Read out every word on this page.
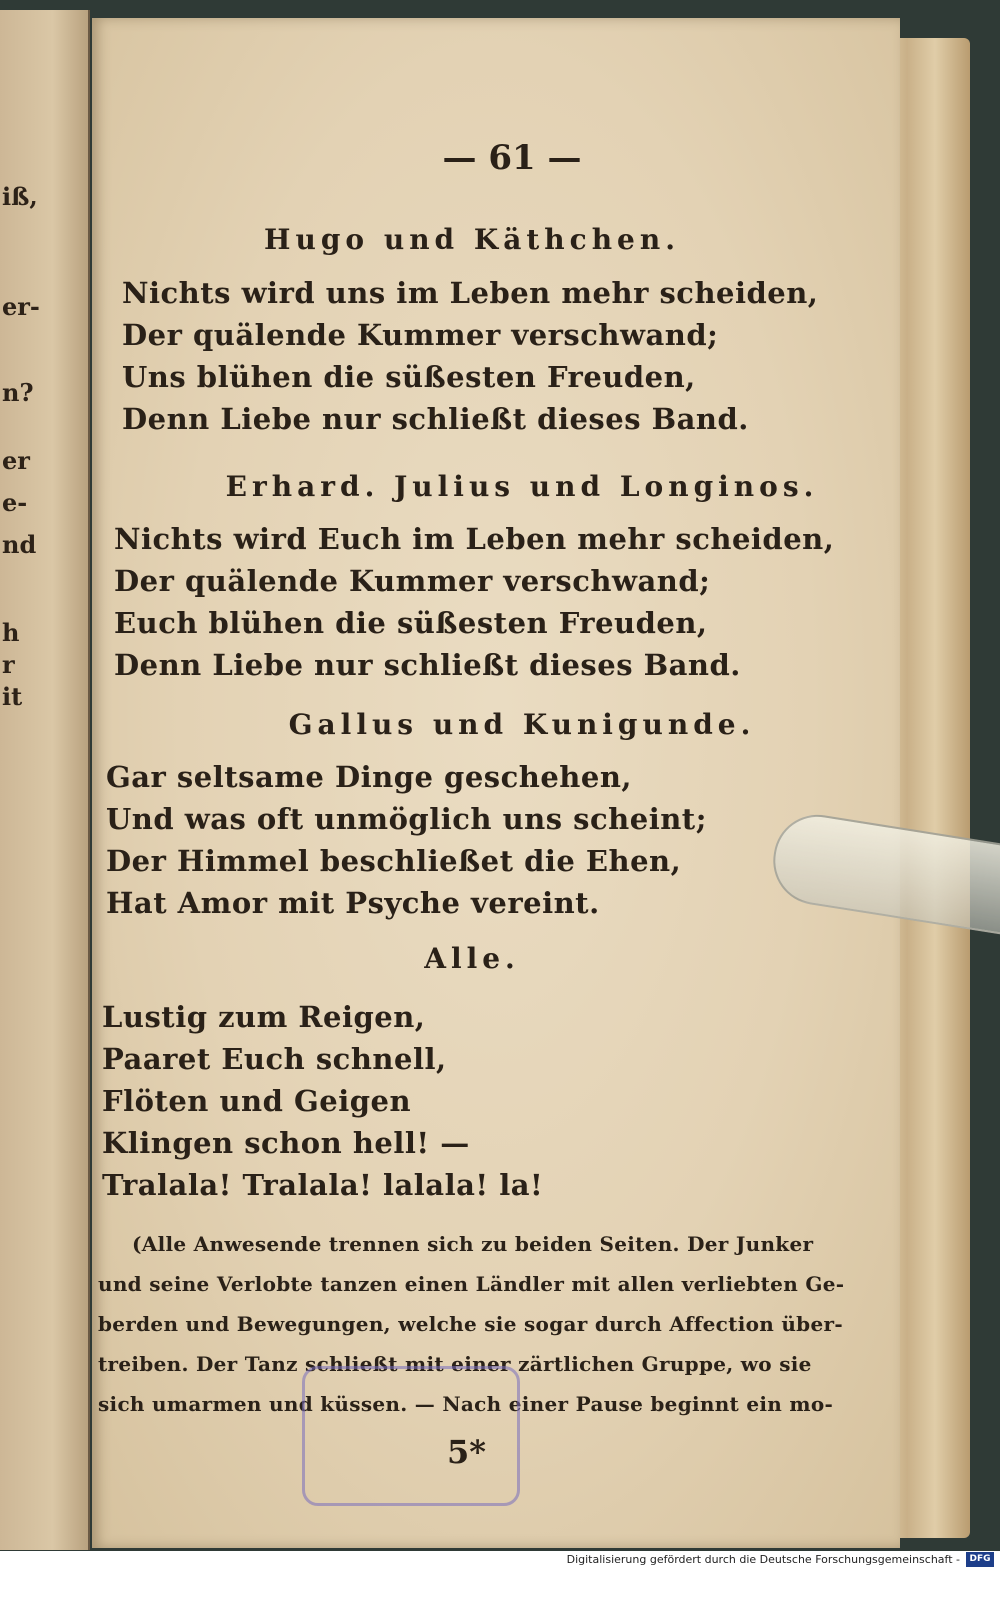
iß,
er-
n?
er
e-
nd
h
r
it
— 61 —
Hugo und Käthchen.
Nichts wird uns im Leben mehr scheiden,
Der quälende Kummer verschwand;
Uns blühen die süßesten Freuden,
Denn Liebe nur schließt dieses Band.
Erhard. Julius und Longinos.
Nichts wird Euch im Leben mehr scheiden,
Der quälende Kummer verschwand;
Euch blühen die süßesten Freuden,
Denn Liebe nur schließt dieses Band.
Gallus und Kunigunde.
Gar seltsame Dinge geschehen,
Und was oft unmöglich uns scheint;
Der Himmel beschließet die Ehen,
Hat Amor mit Psyche vereint.
Alle.
Lustig zum Reigen,
Paaret Euch schnell,
Flöten und Geigen
Klingen schon hell! —
Tralala! Tralala! lalala! la!
(Alle Anwesende trennen sich zu beiden Seiten. Der Junker
und seine Verlobte tanzen einen Ländler mit allen verliebten Ge-
berden und Bewegungen, welche sie sogar durch Affection über-
treiben. Der Tanz schließt mit einer zärtlichen Gruppe, wo sie
sich umarmen und küssen. — Nach einer Pause beginnt ein mo-
5*
Digitalisierung gefördert durch die Deutsche Forschungsgemeinschaft -	DFG
